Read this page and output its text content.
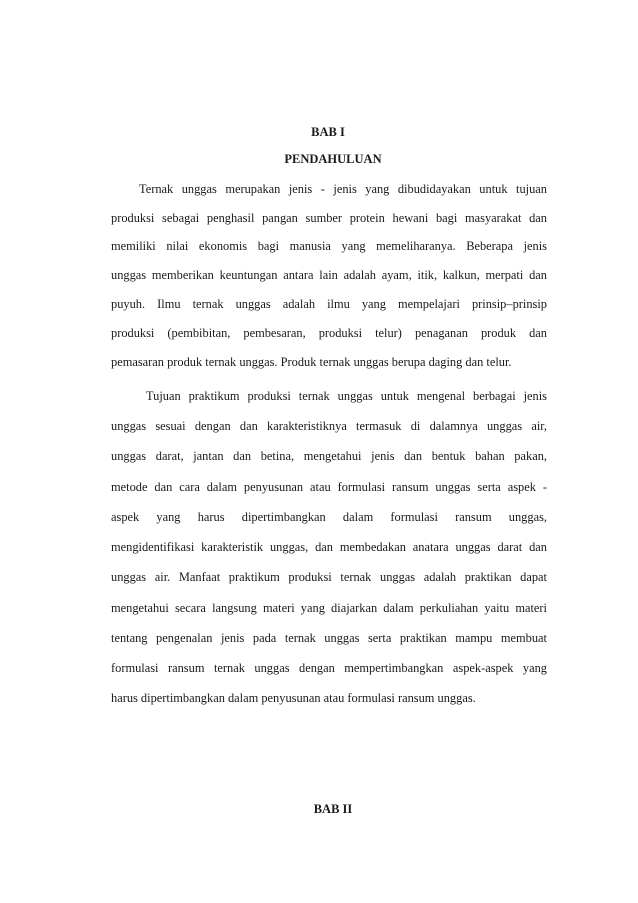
BAB I
PENDAHULUAN
Ternak unggas merupakan jenis - jenis yang dibudidayakan untuk tujuan
produksi sebagai penghasil pangan sumber protein hewani bagi masyarakat dan
memiliki nilai ekonomis bagi manusia yang memeliharanya. Beberapa jenis
unggas memberikan keuntungan antara lain adalah ayam, itik, kalkun, merpati dan
puyuh. Ilmu ternak unggas adalah ilmu yang mempelajari prinsip–prinsip
produksi (pembibitan, pembesaran, produksi telur) penaganan produk dan
pemasaran produk ternak unggas. Produk ternak unggas berupa daging dan telur.
Tujuan praktikum produksi ternak unggas untuk mengenal berbagai jenis
unggas sesuai dengan dan karakteristiknya termasuk di dalamnya unggas air,
unggas darat, jantan dan betina, mengetahui jenis dan bentuk bahan pakan,
metode dan cara dalam penyusunan atau formulasi ransum unggas serta aspek -
aspek yang harus dipertimbangkan dalam formulasi ransum unggas,
mengidentifikasi karakteristik unggas, dan membedakan anatara unggas darat dan
unggas air. Manfaat praktikum produksi ternak unggas adalah praktikan dapat
mengetahui secara langsung materi yang diajarkan dalam perkuliahan yaitu materi
tentang pengenalan jenis pada ternak unggas serta praktikan mampu membuat
formulasi ransum ternak unggas dengan mempertimbangkan aspek-aspek yang
harus dipertimbangkan dalam penyusunan atau formulasi ransum unggas.
BAB II
